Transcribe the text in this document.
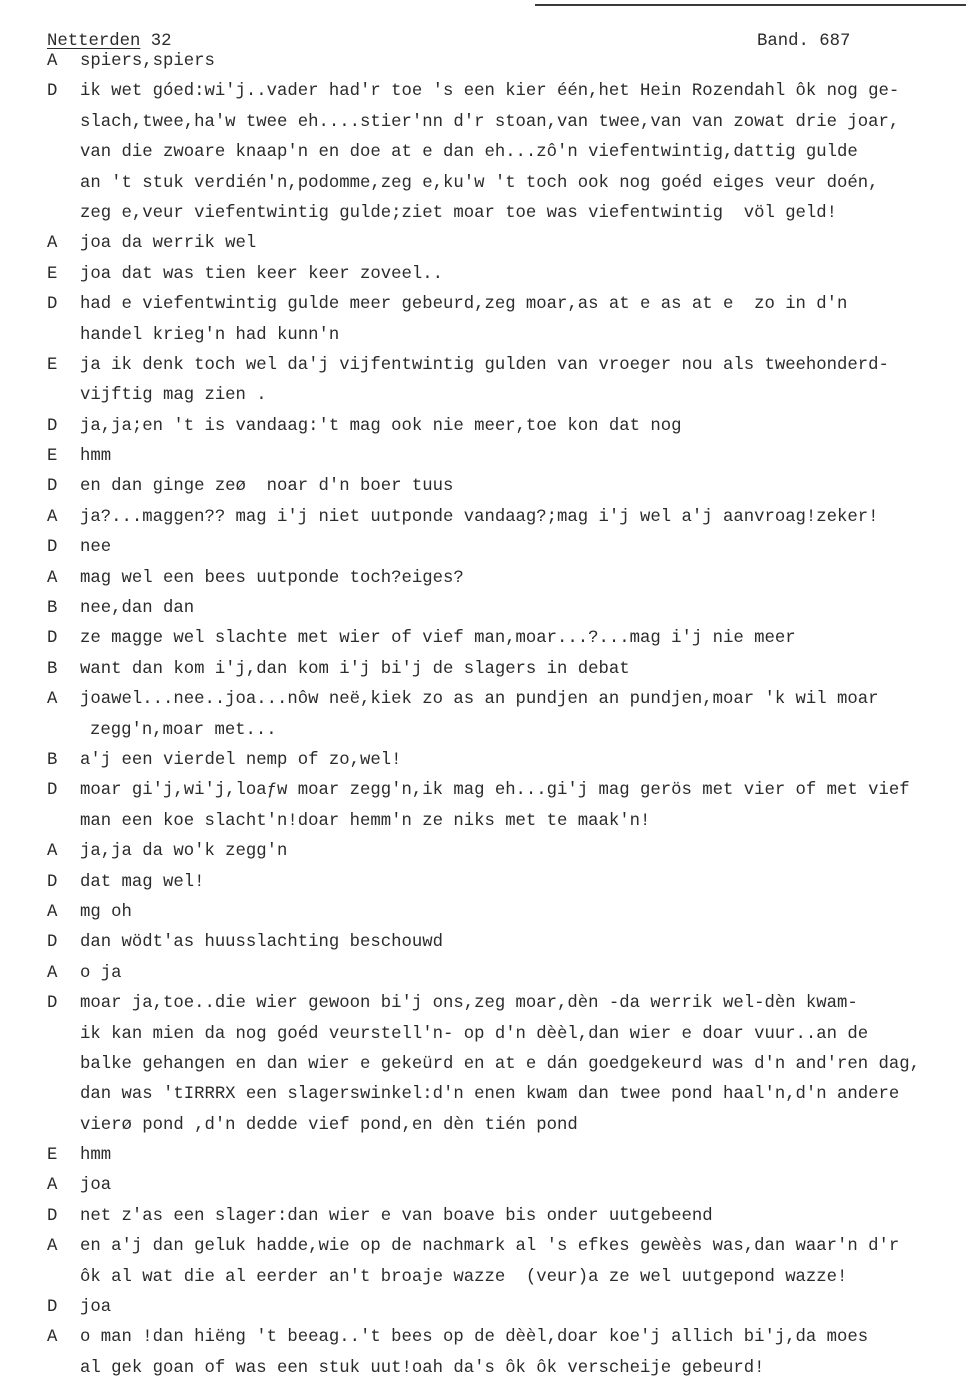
Netterden 32	Band. 687
A	spiers,spiers
D	ik wet góed:wi'j..vader had'r toe 's een kier één,het Hein Rozendahl ôk nog ge-
slach,twee,ha'w twee eh....stier'nn d'r stoan,van twee,van van zowat drie joar,
van die zwoare knaap'n en doe at e dan eh...zô'n viefentwintig,dattig gulde
an 't stuk verdién'n,podomme,zeg e,ku'w 't toch ook nog goéd eiges veur doén,
zeg e,veur viefentwintig gulde;ziet moar toe was viefentwintig  völ geld!
A	joa da werrik wel
E	joa dat was tien keer keer zoveel..
D	had e viefentwintig gulde meer gebeurd,zeg moar,as at e as at e  zo in d'n
handel krieg'n had kunn'n
E	ja ik denk toch wel da'j vijfentwintig gulden van vroeger nou als tweehonderd-
vijftig mag zien .
D	ja,ja;en 't is vandaag:'t mag ook nie meer,toe kon dat nog
E	hmm
D	en dan ginge zeø  noar d'n boer tuus
A	ja?...maggen?? mag i'j niet uutponde vandaag?;mag i'j wel a'j aanvroag!zeker!
D	nee
A	mag wel een bees uutponde toch?eiges?
B	nee,dan dan
D	ze magge wel slachte met wier of vief man,moar...?...mag i'j nie meer
B	want dan kom i'j,dan kom i'j bi'j de slagers in debat
A	joawel...nee..joa...nôw neë,kiek zo as an pundjen an pundjen,moar 'k wil moar
zegg'n,moar met...
B	a'j een vierdel nemp of zo,wel!
D	moar gi'j,wi'j,loaƒw moar zegg'n,ik mag eh...gi'j mag gerös met vier of met vief
man een koe slacht'n!doar hemm'n ze niks met te maak'n!
A	ja,ja da wo'k zegg'n
D	dat mag wel!
A	mg oh
D	dan wödt'as huusslachting beschouwd
A	o ja
D	moar ja,toe..die wier gewoon bi'j ons,zeg moar,dèn -da werrik wel-dèn kwam-
ik kan mien da nog goéd veurstell'n- op d'n dèèl,dan wier e doar vuur..an de
balke gehangen en dan wier e gekeürd en at e dán goedgekeurd was d'n and'ren dag,
dan was 'tIRRRX een slagerswinkel:d'n enen kwam dan twee pond haal'n,d'n andere
vierø pond ,d'n dedde vief pond,en dèn tién pond
E	hmm
A	joa
D	net z'as een slager:dan wier e van boave bis onder uutgebeend
A	en a'j dan geluk hadde,wie op de nachmark al 's efkes gewèès was,dan waar'n d'r
ôk al wat die al eerder an't broaje wazze  (veur)a ze wel uutgepond wazze!
D	joa
A	o man !dan hiëng 't beeag..'t bees op de dèèl,doar koe'j allich bi'j,da moes
al gek goan of was een stuk uut!oah da's ôk ôk verscheije gebeurd!
